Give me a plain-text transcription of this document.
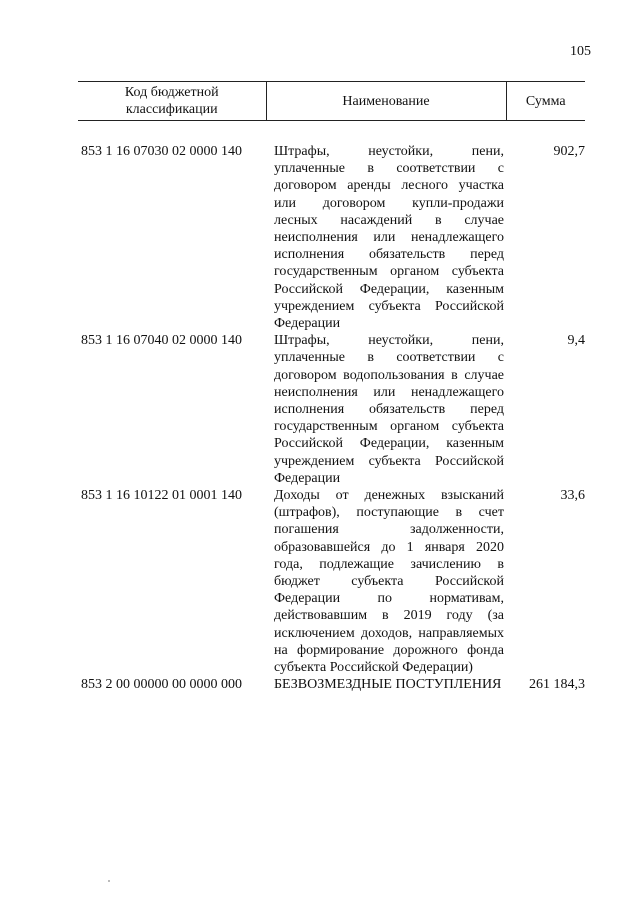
105
Код бюджетной классификации	Наименование	Сумма

853 1 16 07030 02 0000 140	Штрафы, неустойки, пени, уплаченные в соответствии с договором аренды лесного участка или договором купли-продажи лесных насаждений в случае неисполнения или ненадлежащего исполнения обязательств перед государственным органом субъекта Российской Федерации, казенным учреждением субъекта Российской Федерации	902,7
853 1 16 07040 02 0000 140	Штрафы, неустойки, пени, уплаченные в соответствии с договором водопользования в случае неисполнения или ненадлежащего исполнения обязательств перед государственным органом субъекта Российской Федерации, казенным учреждением субъекта Российской Федерации	9,4
853 1 16 10122 01 0001 140	Доходы от денежных взысканий (штрафов), поступающие в счет погашения задолженности, образовавшейся до 1 января 2020 года, подлежащие зачислению в бюджет субъекта Российской Федерации по нормативам, действовавшим в 2019 году (за исключением доходов, направляемых на формирование дорожного фонда субъекта Российской Федерации)	33,6
853 2 00 00000 00 0000 000	БЕЗВОЗМЕЗДНЫЕ ПОСТУПЛЕНИЯ	261 184,3
